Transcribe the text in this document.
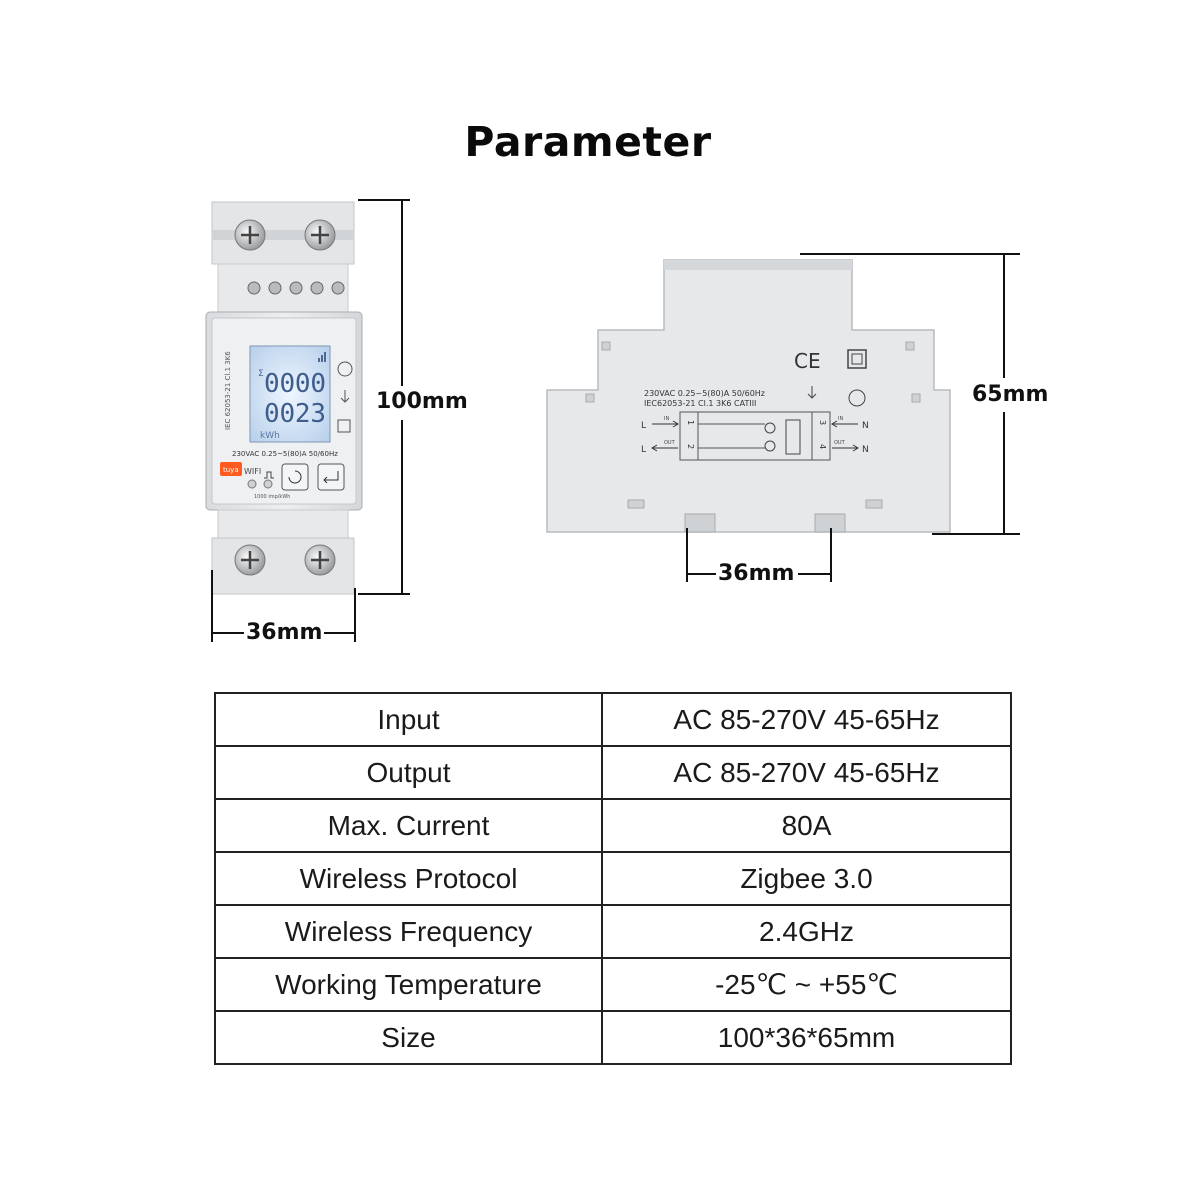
Parameter
Σ 0000
0023
kWh
IEC 62053-21 Cl.1 3K6
230VAC 0.25~5(80)A 50/60Hz
tuya WIFI
1000 imp/kWh
CE
230VAC 0.25~5(80)A 50/60Hz
IEC62053-21 Cl.1 3K6 CATIII
1
2
3
4
L
L
N
N
IN
OUT
IN
OUT
100mm
36mm
65mm
36mm
Input	AC 85-270V 45-65Hz
Output	AC 85-270V 45-65Hz
Max. Current	80A
Wireless Protocol	Zigbee 3.0
Wireless Frequency	2.4GHz
Working Temperature	-25℃ ~ +55℃
Size	100*36*65mm
